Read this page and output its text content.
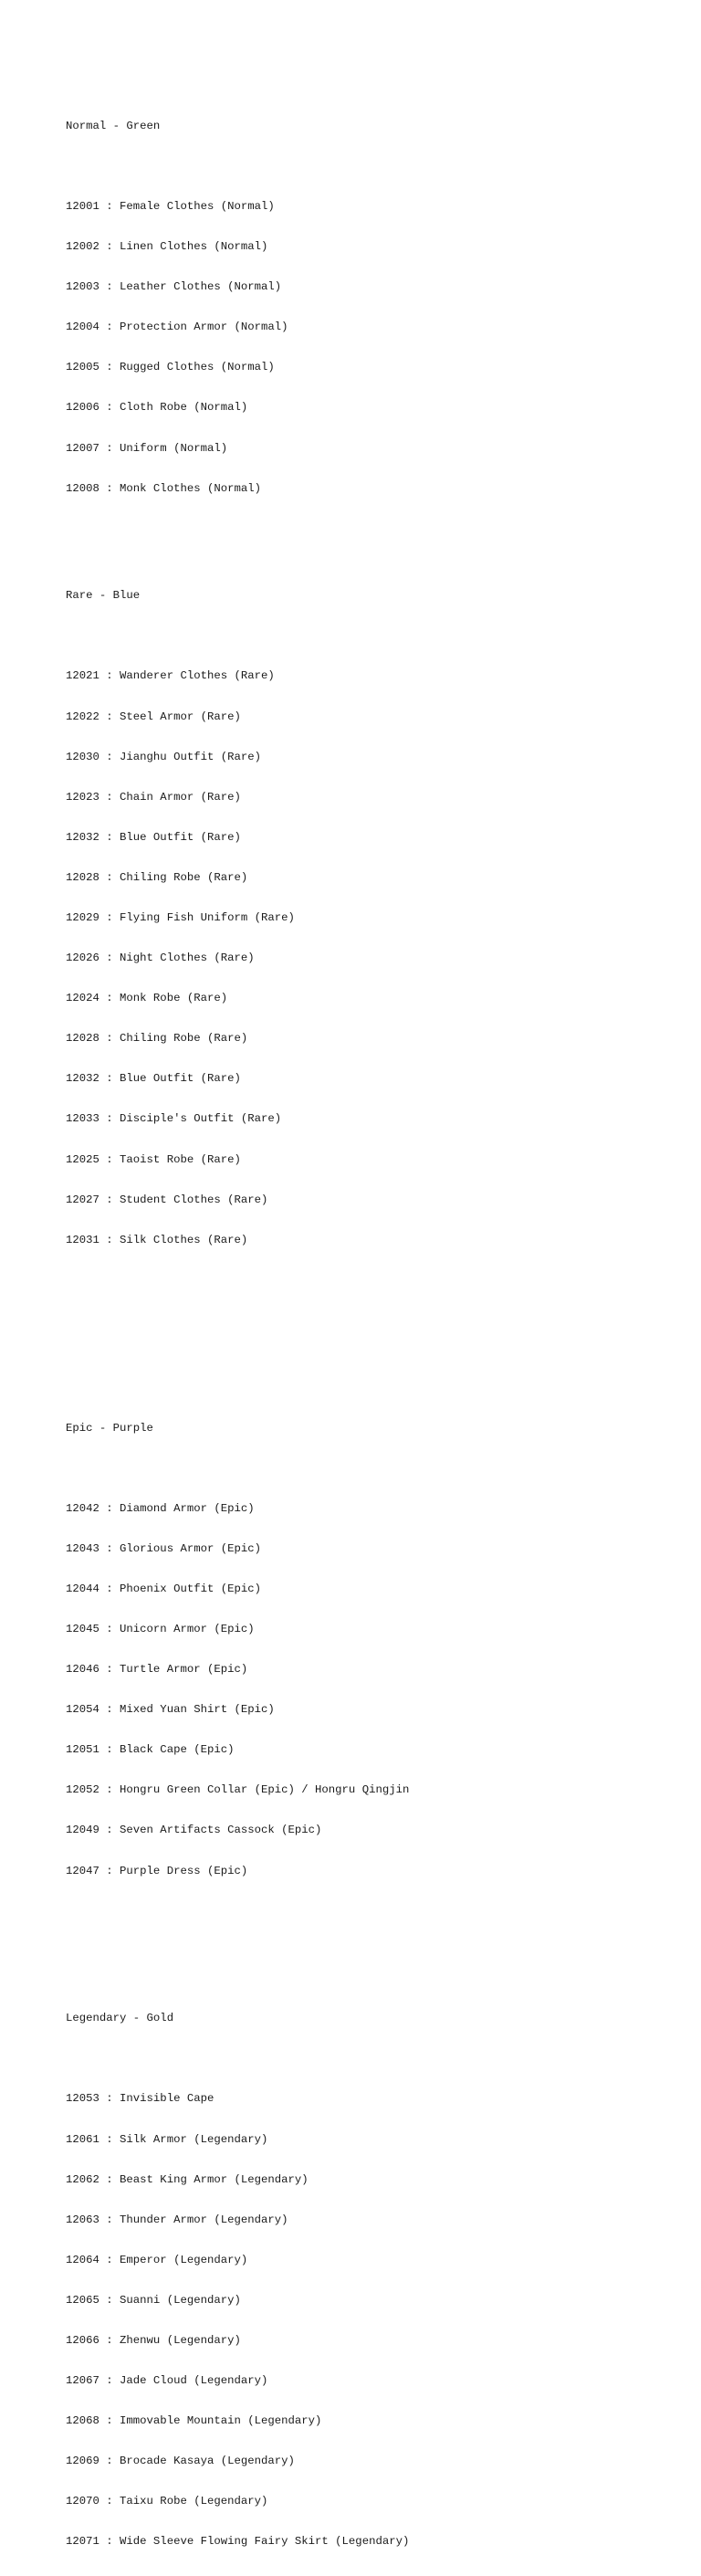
Normal - Green

12001 : Female Clothes (Normal)

12002 : Linen Clothes (Normal)

12003 : Leather Clothes (Normal)

12004 : Protection Armor (Normal)

12005 : Rugged Clothes (Normal)

12006 : Cloth Robe (Normal)

12007 : Uniform (Normal)

12008 : Monk Clothes (Normal)

Rare - Blue

12021 : Wanderer Clothes (Rare)

12022 : Steel Armor (Rare)

12030 : Jianghu Outfit (Rare)

12023 : Chain Armor (Rare)

12032 : Blue Outfit (Rare)

12028 : Chiling Robe (Rare)

12029 : Flying Fish Uniform (Rare)

12026 : Night Clothes (Rare)

12024 : Monk Robe (Rare)

12028 : Chiling Robe (Rare)

12032 : Blue Outfit (Rare)

12033 : Disciple's Outfit (Rare)

12025 : Taoist Robe (Rare)

12027 : Student Clothes (Rare)

12031 : Silk Clothes (Rare)

Epic - Purple

12042 : Diamond Armor (Epic)

12043 : Glorious Armor (Epic)

12044 : Phoenix Outfit (Epic)

12045 : Unicorn Armor (Epic)

12046 : Turtle Armor (Epic)

12054 : Mixed Yuan Shirt (Epic)

12051 : Black Cape (Epic)

12052 : Hongru Green Collar (Epic) / Hongru Qingjin

12049 : Seven Artifacts Cassock (Epic)

12047 : Purple Dress (Epic)

Legendary - Gold

12053 : Invisible Cape

12061 : Silk Armor (Legendary)

12062 : Beast King Armor (Legendary)

12063 : Thunder Armor (Legendary)

12064 : Emperor (Legendary)

12065 : Suanni (Legendary)

12066 : Zhenwu (Legendary)

12067 : Jade Cloud (Legendary)

12068 : Immovable Mountain (Legendary)

12069 : Brocade Kasaya (Legendary)

12070 : Taixu Robe (Legendary)

12071 : Wide Sleeve Flowing Fairy Skirt (Legendary)
